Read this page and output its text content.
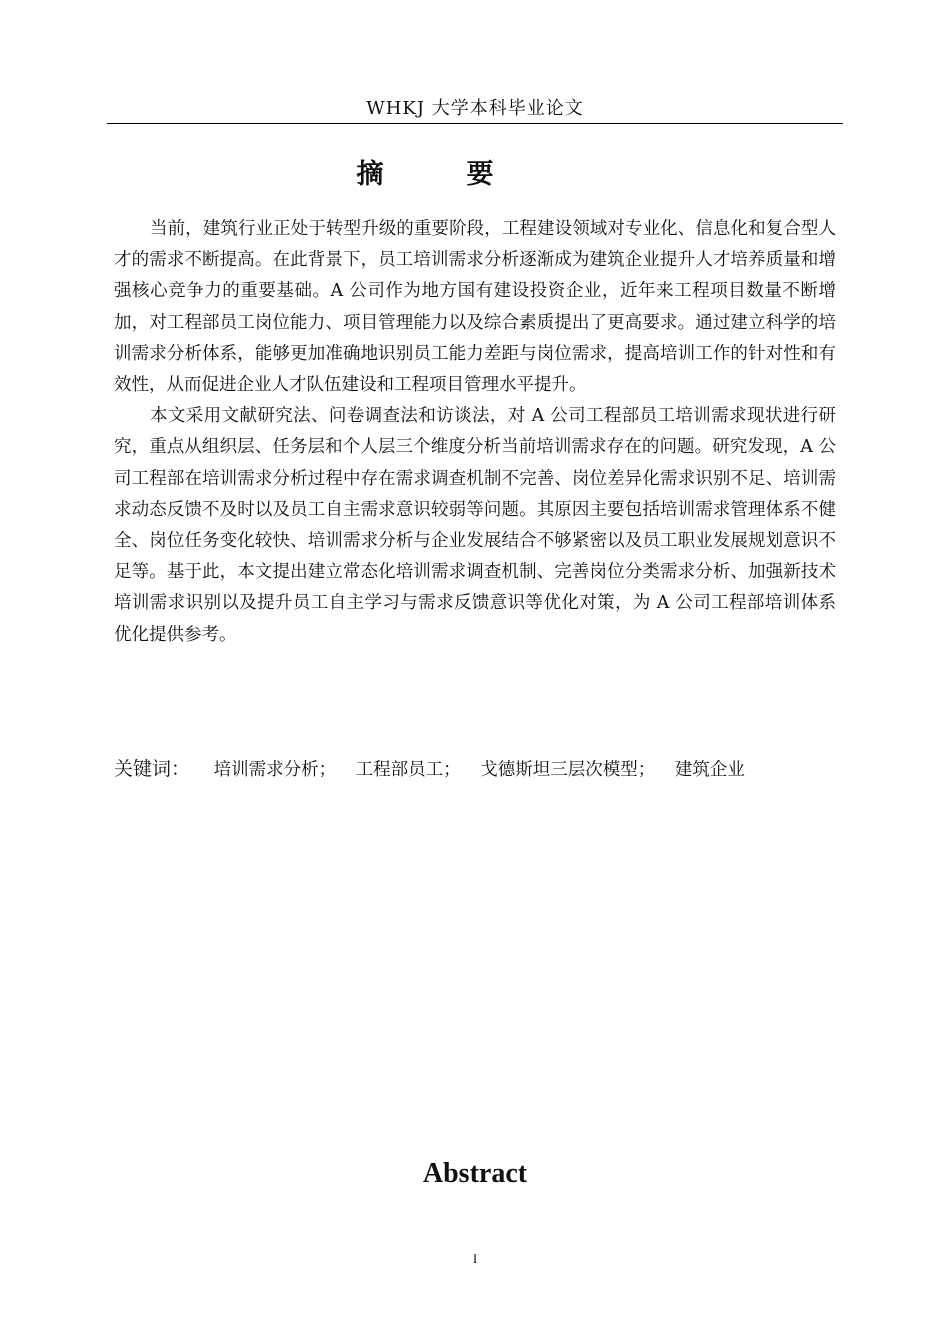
WHKJ 大学本科毕业论文
摘　要

当前，建筑行业正处于转型升级的重要阶段，工程建设领域对专业化、信息化和复合型人才的需求不断提高。在此背景下，员工培训需求分析逐渐成为建筑企业提升人才培养质量和增强核心竞争力的重要基础。A 公司作为地方国有建设投资企业，近年来工程项目数量不断增加，对工程部员工岗位能力、项目管理能力以及综合素质提出了更高要求。通过建立科学的培训需求分析体系，能够更加准确地识别员工能力差距与岗位需求，提高培训工作的针对性和有效性，从而促进企业人才队伍建设和工程项目管理水平提升。

本文采用文献研究法、问卷调查法和访谈法，对 A 公司工程部员工培训需求现状进行研究，重点从组织层、任务层和个人层三个维度分析当前培训需求存在的问题。研究发现，A 公司工程部在培训需求分析过程中存在需求调查机制不完善、岗位差异化需求识别不足、培训需求动态反馈不及时以及员工自主需求意识较弱等问题。其原因主要包括培训需求管理体系不健全、岗位任务变化较快、培训需求分析与企业发展结合不够紧密以及员工职业发展规划意识不足等。基于此，本文提出建立常态化培训需求调查机制、完善岗位分类需求分析、加强新技术培训需求识别以及提升员工自主学习与需求反馈意识等优化对策，为 A 公司工程部培训体系优化提供参考。

关键词： 培训需求分析； 工程部员工； 戈德斯坦三层次模型； 建筑企业
Abstract
I
